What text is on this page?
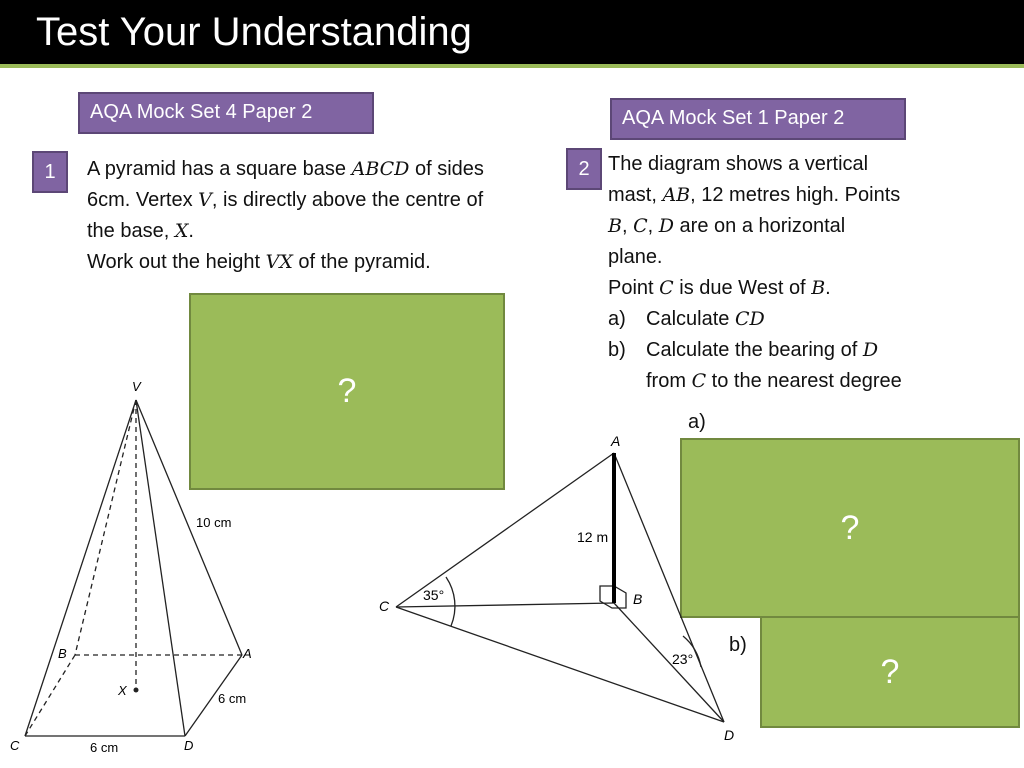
Test Your Understanding
AQA Mock Set 4 Paper 2
1	A pyramid has a square base ABCD of sides
6cm. Vertex V, is directly above the centre of
the base, X.
Work out the height VX of the pyramid.
?
V
B	A
X
C	D
10 cm
6 cm
6 cm
AQA Mock Set 1 Paper 2
2 The diagram shows a vertical
mast, AB, 12 metres high. Points
B, C, D are on a horizontal
plane.
Point C is due West of B.
a) Calculate CD
b) Calculate the bearing of D
from C to the nearest degree
a)
?
b)
?
A
B
C
D
12 m
35°
23°
